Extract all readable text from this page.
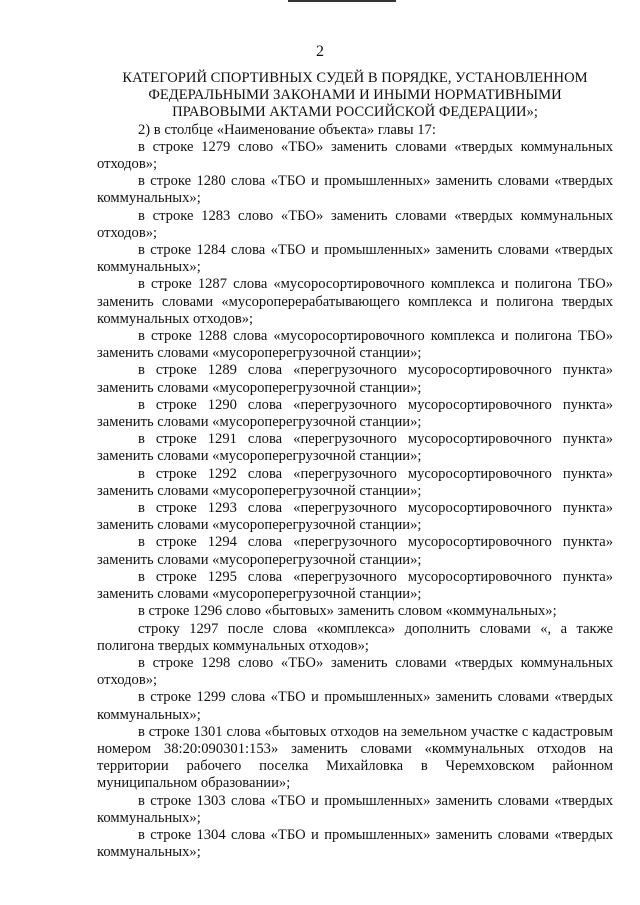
2
КАТЕГОРИЙ СПОРТИВНЫХ СУДЕЙ В ПОРЯДКЕ, УСТАНОВЛЕННОМ
ФЕДЕРАЛЬНЫМИ ЗАКОНАМИ И ИНЫМИ НОРМАТИВНЫМИ
ПРАВОВЫМИ АКТАМИ РОССИЙСКОЙ ФЕДЕРАЦИИ»;

2) в столбце «Наименование объекта» главы 17:

в строке 1279 слово «ТБО» заменить словами «твердых коммунальных отходов»;

в строке 1280 слова «ТБО и промышленных» заменить словами «твердых коммунальных»;

в строке 1283 слово «ТБО» заменить словами «твердых коммунальных отходов»;

в строке 1284 слова «ТБО и промышленных» заменить словами «твердых коммунальных»;

в строке 1287 слова «мусоросортировочного комплекса и полигона ТБО» заменить словами «мусороперерабатывающего комплекса и полигона твердых коммунальных отходов»;

в строке 1288 слова «мусоросортировочного комплекса и полигона ТБО» заменить словами «мусороперегрузочной станции»;

в строке 1289 слова «перегрузочного мусоросортировочного пункта» заменить словами «мусороперегрузочной станции»;

в строке 1290 слова «перегрузочного мусоросортировочного пункта» заменить словами «мусороперегрузочной станции»;

в строке 1291 слова «перегрузочного мусоросортировочного пункта» заменить словами «мусороперегрузочной станции»;

в строке 1292 слова «перегрузочного мусоросортировочного пункта» заменить словами «мусороперегрузочной станции»;

в строке 1293 слова «перегрузочного мусоросортировочного пункта» заменить словами «мусороперегрузочной станции»;

в строке 1294 слова «перегрузочного мусоросортировочного пункта» заменить словами «мусороперегрузочной станции»;

в строке 1295 слова «перегрузочного мусоросортировочного пункта» заменить словами «мусороперегрузочной станции»;

в строке 1296 слово «бытовых» заменить словом «коммунальных»;

строку 1297 после слова «комплекса» дополнить словами «, а также полигона твердых коммунальных отходов»;

в строке 1298 слово «ТБО» заменить словами «твердых коммунальных отходов»;

в строке 1299 слова «ТБО и промышленных» заменить словами «твердых коммунальных»;

в строке 1301 слова «бытовых отходов на земельном участке с кадастровым номером 38:20:090301:153» заменить словами «коммунальных отходов на территории рабочего поселка Михайловка в Черемховском районном муниципальном образовании»;

в строке 1303 слова «ТБО и промышленных» заменить словами «твердых коммунальных»;

в строке 1304 слова «ТБО и промышленных» заменить словами «твердых коммунальных»;
